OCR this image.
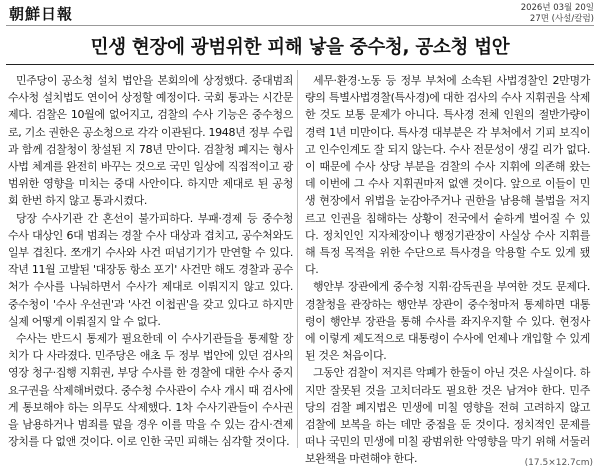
朝鮮日報	2026년 03월 20일
27면 (사설/칼럼)
민생 현장에 광범위한 피해 낳을 중수청, 공소청 법안

민주당이 공소청 설치 법안을 본회의에 상정했다. 중대범죄수사청 설치법도 연이어 상정할 예정이다. 국회 통과는 시간문제다. 검찰은 10월에 없어지고, 검찰의 수사 기능은 중수청으로, 기소 권한은 공소청으로 각각 이관된다. 1948년 정부 수립과 함께 검찰청이 창설된 지 78년 만이다. 검찰청 폐지는 형사 사법 체계를 완전히 바꾸는 것으로 국민 일상에 직접적이고 광범위한 영향을 미치는 중대 사안이다. 하지만 제대로 된 공청회 한번 하지 않고 통과시켰다.

당장 수사기관 간 혼선이 불가피하다. 부패·경제 등 중수청 수사 대상인 6대 범죄는 경찰 수사 대상과 겹치고, 공수처와도 일부 겹친다. 쪼개기 수사와 사건 떠넘기기가 만연할 수 있다. 작년 11월 고발된 '대장동 항소 포기' 사건만 해도 경찰과 공수처가 수사를 나눠하면서 수사가 제대로 이뤄지지 않고 있다. 중수청이 '수사 우선권'과 '사건 이첩권'을 갖고 있다고 하지만 실제 어떻게 이뤄질지 알 수 없다.

수사는 반드시 통제가 필요한데 이 수사기관들을 통제할 장치가 다 사라졌다. 민주당은 애초 두 정부 법안에 있던 검사의 영장 청구·집행 지휘권, 부당 수사를 한 경찰에 대한 수사 중지 요구권을 삭제해버렸다. 중수청 수사관이 수사 개시 때 검사에게 통보해야 하는 의무도 삭제했다. 1차 수사기관들이 수사권을 남용하거나 범죄를 덮을 경우 이를 막을 수 있는 감시·견제 장치를 다 없앤 것이다. 이로 인한 국민 피해는 심각할 것이다.

세무·환경·노동 등 정부 부처에 소속된 사법경찰인 2만명가량의 특별사법경찰(특사경)에 대한 검사의 수사 지휘권을 삭제한 것도 보통 문제가 아니다. 특사경 전체 인원의 절반가량이 경력 1년 미만이다. 특사경 대부분은 각 부처에서 기피 보직이고 인수인계도 잘 되지 않는다. 수사 전문성이 생길 리가 없다. 이 때문에 수사 상당 부분을 검찰의 수사 지휘에 의존해 왔는데 이번에 그 수사 지휘권마저 없앤 것이다. 앞으로 이들이 민생 현장에서 위법을 눈감아주거나 권한을 남용해 불법을 저지르고 인권을 침해하는 상황이 전국에서 숱하게 벌어질 수 있다. 정치인인 지자체장이나 행정기관장이 사실상 수사 지휘를 해 특정 목적을 위한 수단으로 특사경을 악용할 수도 있게 됐다.

행안부 장관에게 중수청 지휘·감독권을 부여한 것도 문제다. 경찰청을 관장하는 행안부 장관이 중수청마저 통제하면 대통령이 행안부 장관을 통해 수사를 좌지우지할 수 있다. 현정사에 이렇게 제도적으로 대통령이 수사에 언제나 개입할 수 있게 된 것은 처음이다.

그동안 검찰이 저지른 악폐가 한둘이 아닌 것은 사실이다. 하지만 잘못된 것을 고치더라도 필요한 것은 남겨야 한다. 민주당의 검찰 폐지법은 민생에 미칠 영향을 전혀 고려하지 않고 검찰에 보복을 하는 데만 중점을 둔 것이다. 정치적인 문제를 떠나 국민의 민생에 미칠 광범위한 악영향을 막기 위해 서둘러 보완책을 마련해야 한다.	(17.5×12.7cm)
